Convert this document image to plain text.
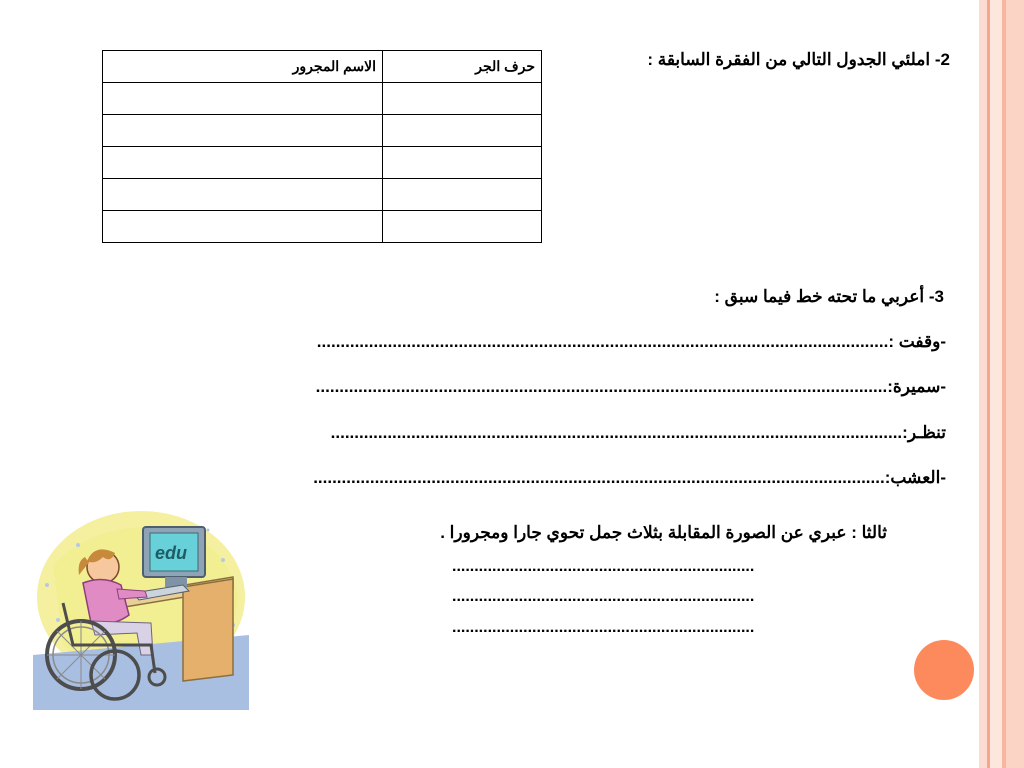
2- املئي الجدول التالي من الفقرة السابقة :
حرف الجر	الاسم المجرور

3- أعربي ما تحته خط فيما سبق :
-وقفت :.........................................................................................................................
-سميرة:.........................................................................................................................
تنظـر:.........................................................................................................................
-العشب:.........................................................................................................................
edu
ثالثا : عبري عن الصورة المقابلة بثلاث جمل تحوي جارا ومجرورا .
....................................................................
....................................................................
....................................................................
